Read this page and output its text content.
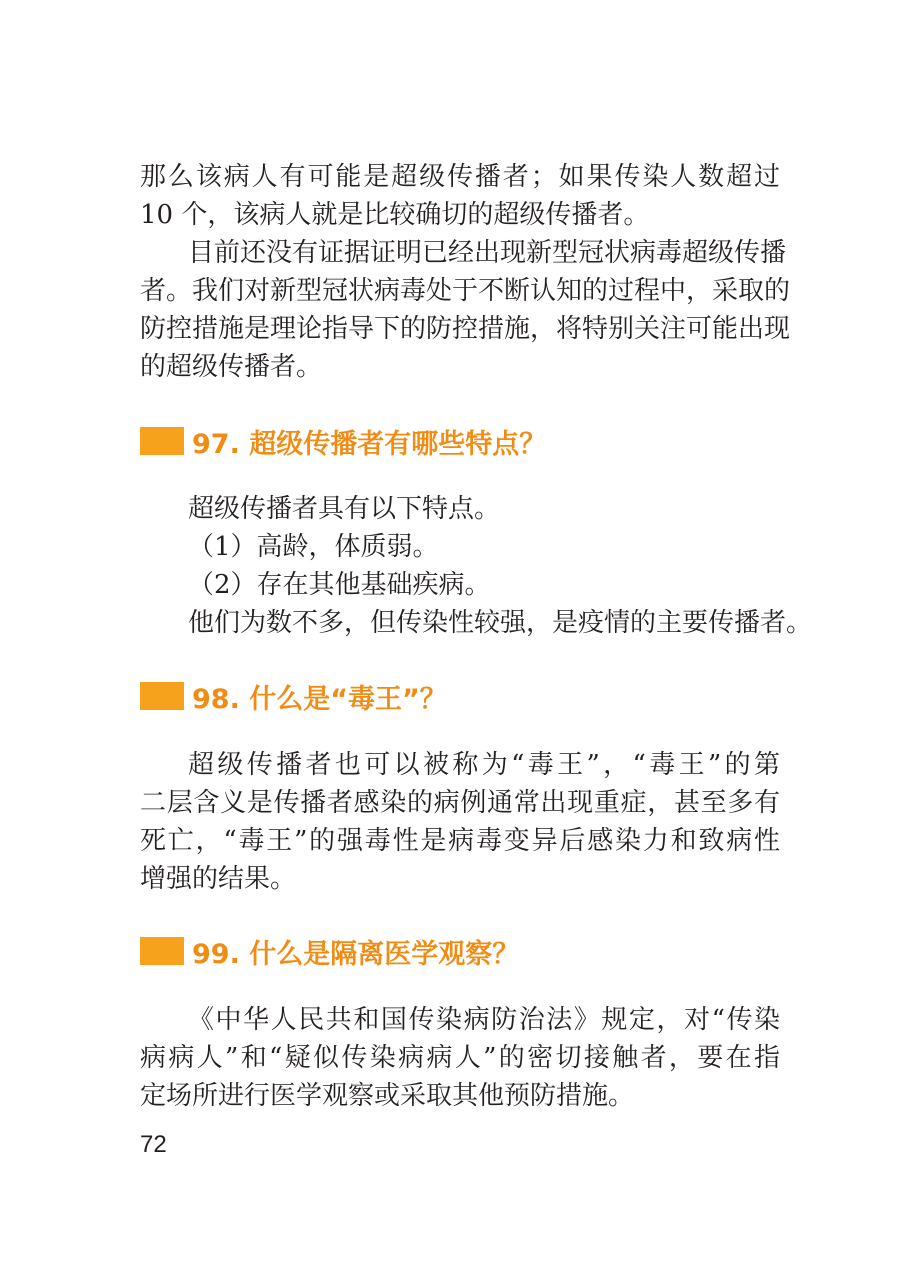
那么该病人有可能是超级传播者；如果传染人数超过
10 个，该病人就是比较确切的超级传播者。
目前还没有证据证明已经出现新型冠状病毒超级传播
者。我们对新型冠状病毒处于不断认知的过程中，采取的
防控措施是理论指导下的防控措施，将特别关注可能出现
的超级传播者。
97. 超级传播者有哪些特点？
超级传播者具有以下特点。
（1）高龄，体质弱。
（2）存在其他基础疾病。
他们为数不多，但传染性较强，是疫情的主要传播者。
98. 什么是“毒王”？
超级传播者也可以被称为“毒王”，“毒王”的第
二层含义是传播者感染的病例通常出现重症，甚至多有
死亡，“毒王”的强毒性是病毒变异后感染力和致病性
增强的结果。
99. 什么是隔离医学观察？
《中华人民共和国传染病防治法》规定，对“传染
病病人”和“疑似传染病病人”的密切接触者，要在指
定场所进行医学观察或采取其他预防措施。
72
